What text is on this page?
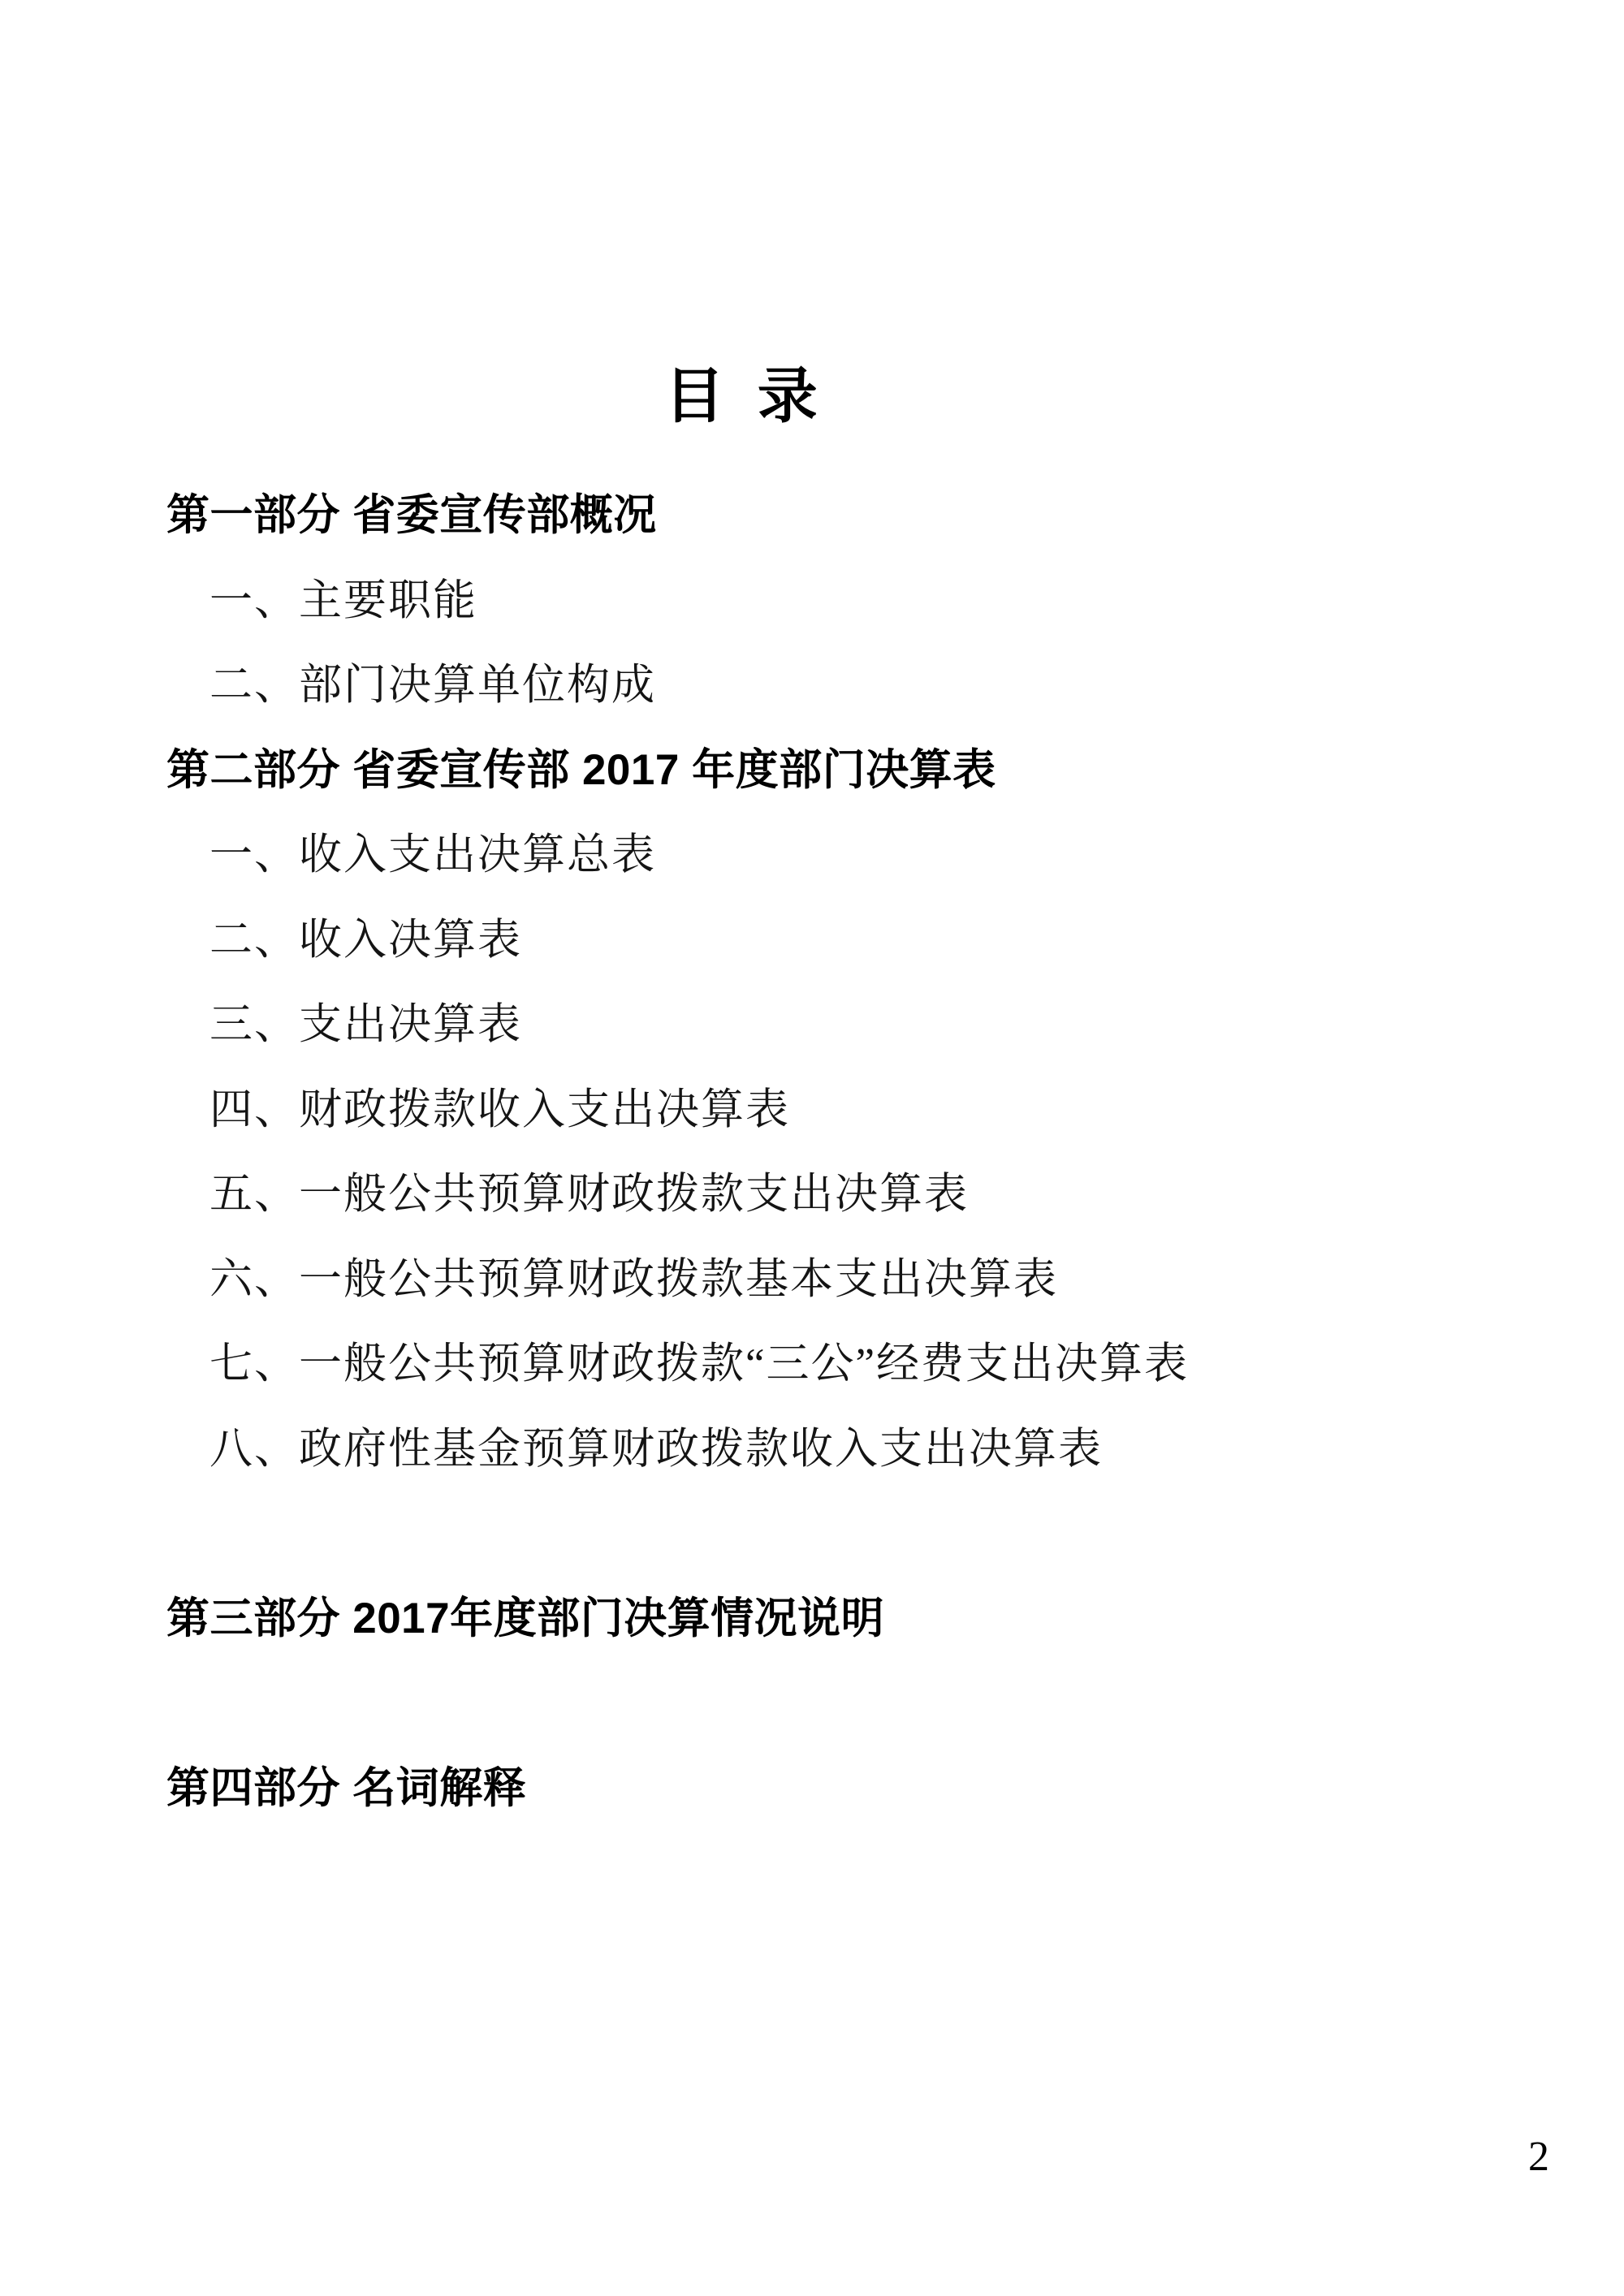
目 录
第一部分 省委宣传部概况
一、主要职能
二、部门决算单位构成
第二部分 省委宣传部 2017 年度部门决算表
一、收入支出决算总表
二、收入决算表
三、支出决算表
四、财政拨款收入支出决算表
五、一般公共预算财政拨款支出决算表
六、一般公共预算财政拨款基本支出决算表
七、一般公共预算财政拨款“三公”经费支出决算表
八、政府性基金预算财政拨款收入支出决算表
第三部分 2017年度部门决算情况说明
第四部分 名词解释
2
